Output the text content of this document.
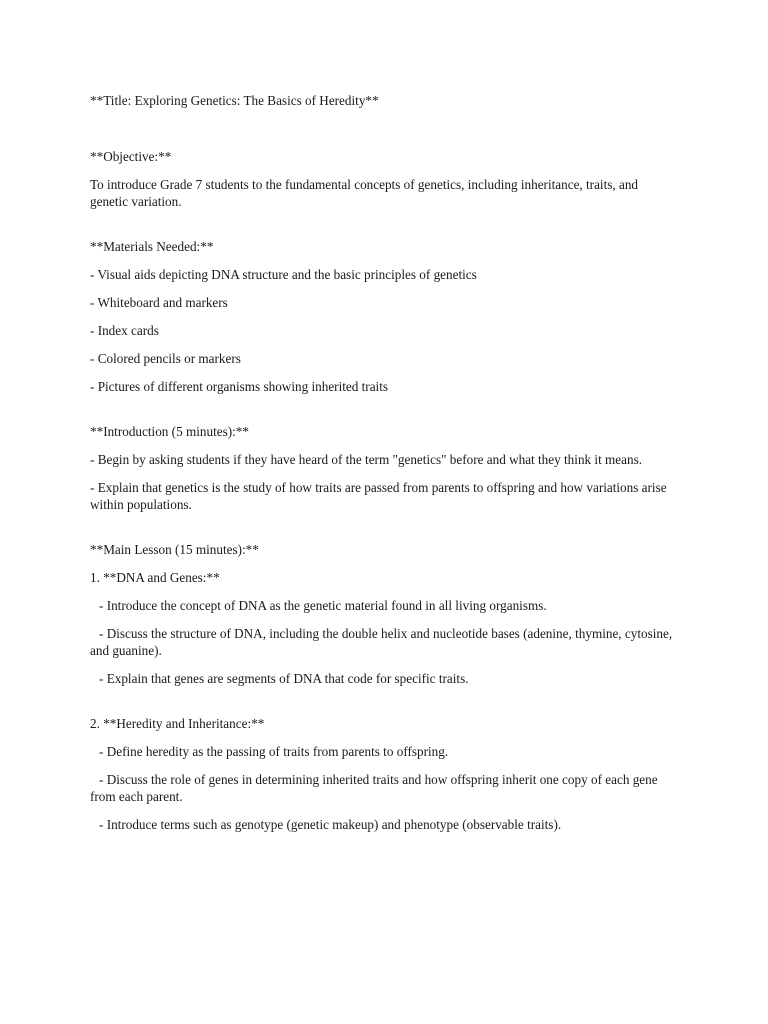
**Title: Exploring Genetics: The Basics of Heredity**

**Objective:**

To introduce Grade 7 students to the fundamental concepts of genetics, including inheritance, traits, and genetic variation.

**Materials Needed:**

- Visual aids depicting DNA structure and the basic principles of genetics

- Whiteboard and markers

- Index cards

- Colored pencils or markers

- Pictures of different organisms showing inherited traits

**Introduction (5 minutes):**

- Begin by asking students if they have heard of the term "genetics" before and what they think it means.

- Explain that genetics is the study of how traits are passed from parents to offspring and how variations arise within populations.

**Main Lesson (15 minutes):**

1. **DNA and Genes:**

- Introduce the concept of DNA as the genetic material found in all living organisms.

- Discuss the structure of DNA, including the double helix and nucleotide bases (adenine, thymine, cytosine, and guanine).

- Explain that genes are segments of DNA that code for specific traits.

2. **Heredity and Inheritance:**

- Define heredity as the passing of traits from parents to offspring.

- Discuss the role of genes in determining inherited traits and how offspring inherit one copy of each gene from each parent.

- Introduce terms such as genotype (genetic makeup) and phenotype (observable traits).
